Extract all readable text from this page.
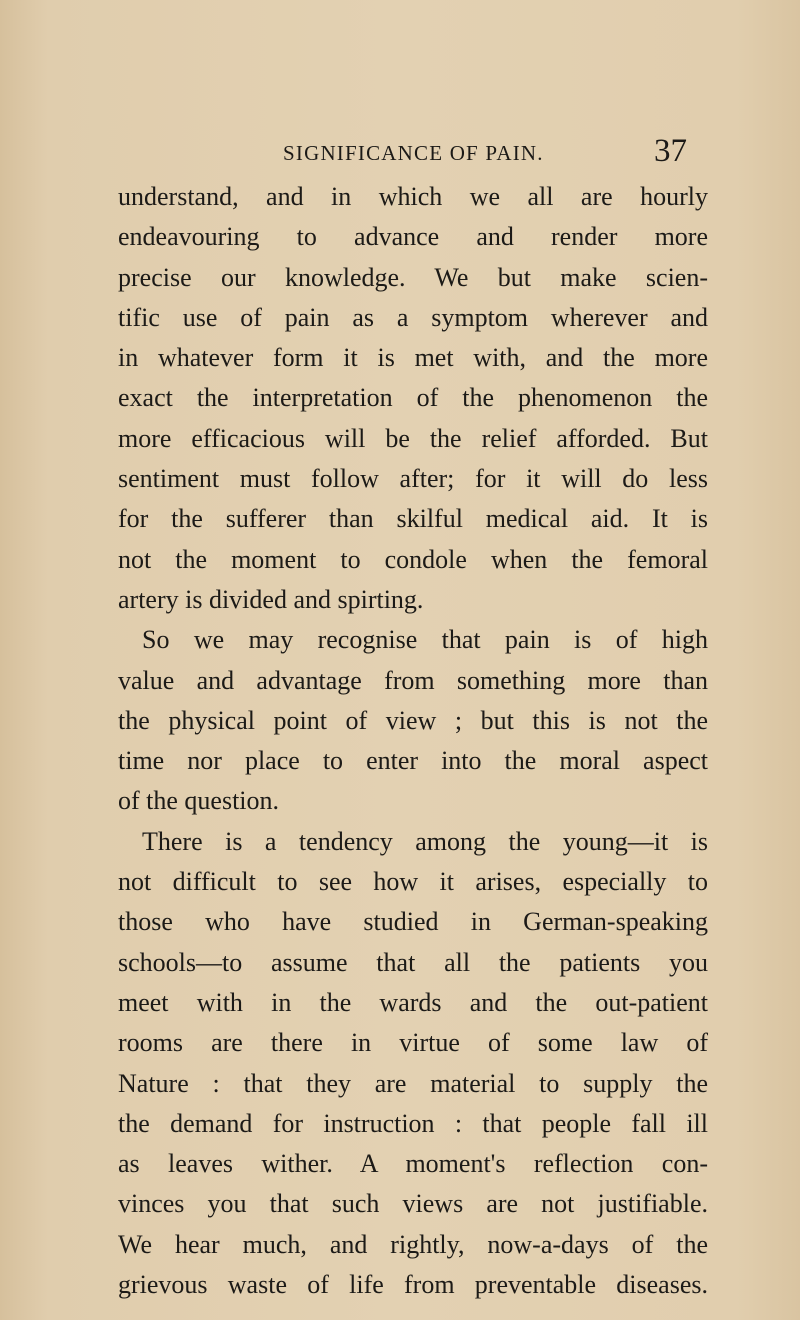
SIGNIFICANCE OF PAIN.	37
understand, and in which we all are hourly
endeavouring to advance and render more
precise our knowledge. We but make scien-
tific use of pain as a symptom wherever and
in whatever form it is met with, and the more
exact the interpretation of the phenomenon the
more efficacious will be the relief afforded. But
sentiment must follow after; for it will do less
for the sufferer than skilful medical aid. It is
not the moment to condole when the femoral
artery is divided and spirting.
So we may recognise that pain is of high
value and advantage from something more than
the physical point of view ; but this is not the
time nor place to enter into the moral aspect
of the question.
There is a tendency among the young—it is
not difficult to see how it arises, especially to
those who have studied in German-speaking
schools—to assume that all the patients you
meet with in the wards and the out-patient
rooms are there in virtue of some law of
Nature : that they are material to supply the
the demand for instruction : that people fall ill
as leaves wither. A moment's reflection con-
vinces you that such views are not justifiable.
We hear much, and rightly, now-a-days of the
grievous waste of life from preventable diseases.
